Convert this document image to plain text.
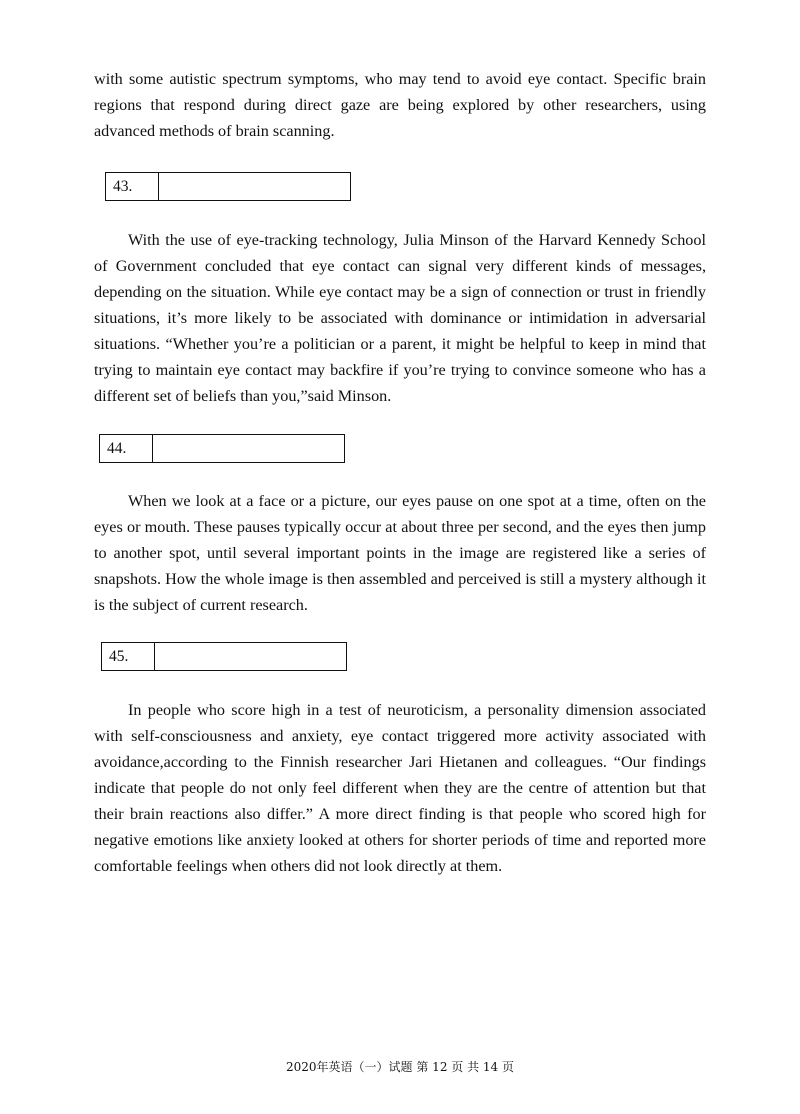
with some autistic spectrum symptoms, who may tend to avoid eye contact. Specific brain regions that respond during direct gaze are being explored by other researchers, using advanced methods of brain scanning.

43.

With the use of eye-tracking technology, Julia Minson of the Harvard Kennedy School of Government concluded that eye contact can signal very different kinds of messages, depending on the situation. While eye contact may be a sign of connection or trust in friendly situations, it’s more likely to be associated with dominance or intimidation in adversarial situations. “Whether you’re a politician or a parent, it might be helpful to keep in mind that trying to maintain eye contact may backfire if you’re trying to convince someone who has a different set of beliefs than you,”said Minson.

44.

When we look at a face or a picture, our eyes pause on one spot at a time, often on the eyes or mouth. These pauses typically occur at about three per second, and the eyes then jump to another spot, until several important points in the image are registered like a series of snapshots. How the whole image is then assembled and perceived is still a mystery although it is the subject of current research.

45.

In people who score high in a test of neuroticism, a personality dimension associated with self-consciousness and anxiety, eye contact triggered more activity associated with avoidance,according to the Finnish researcher Jari Hietanen and colleagues. “Our findings indicate that people do not only feel different when they are the centre of attention but that their brain reactions also differ.” A more direct finding is that people who scored high for negative emotions like anxiety looked at others for shorter periods of time and reported more comfortable feelings when others did not look directly at them.

2020年英语（一）试题 第 12 页 共 14 页
